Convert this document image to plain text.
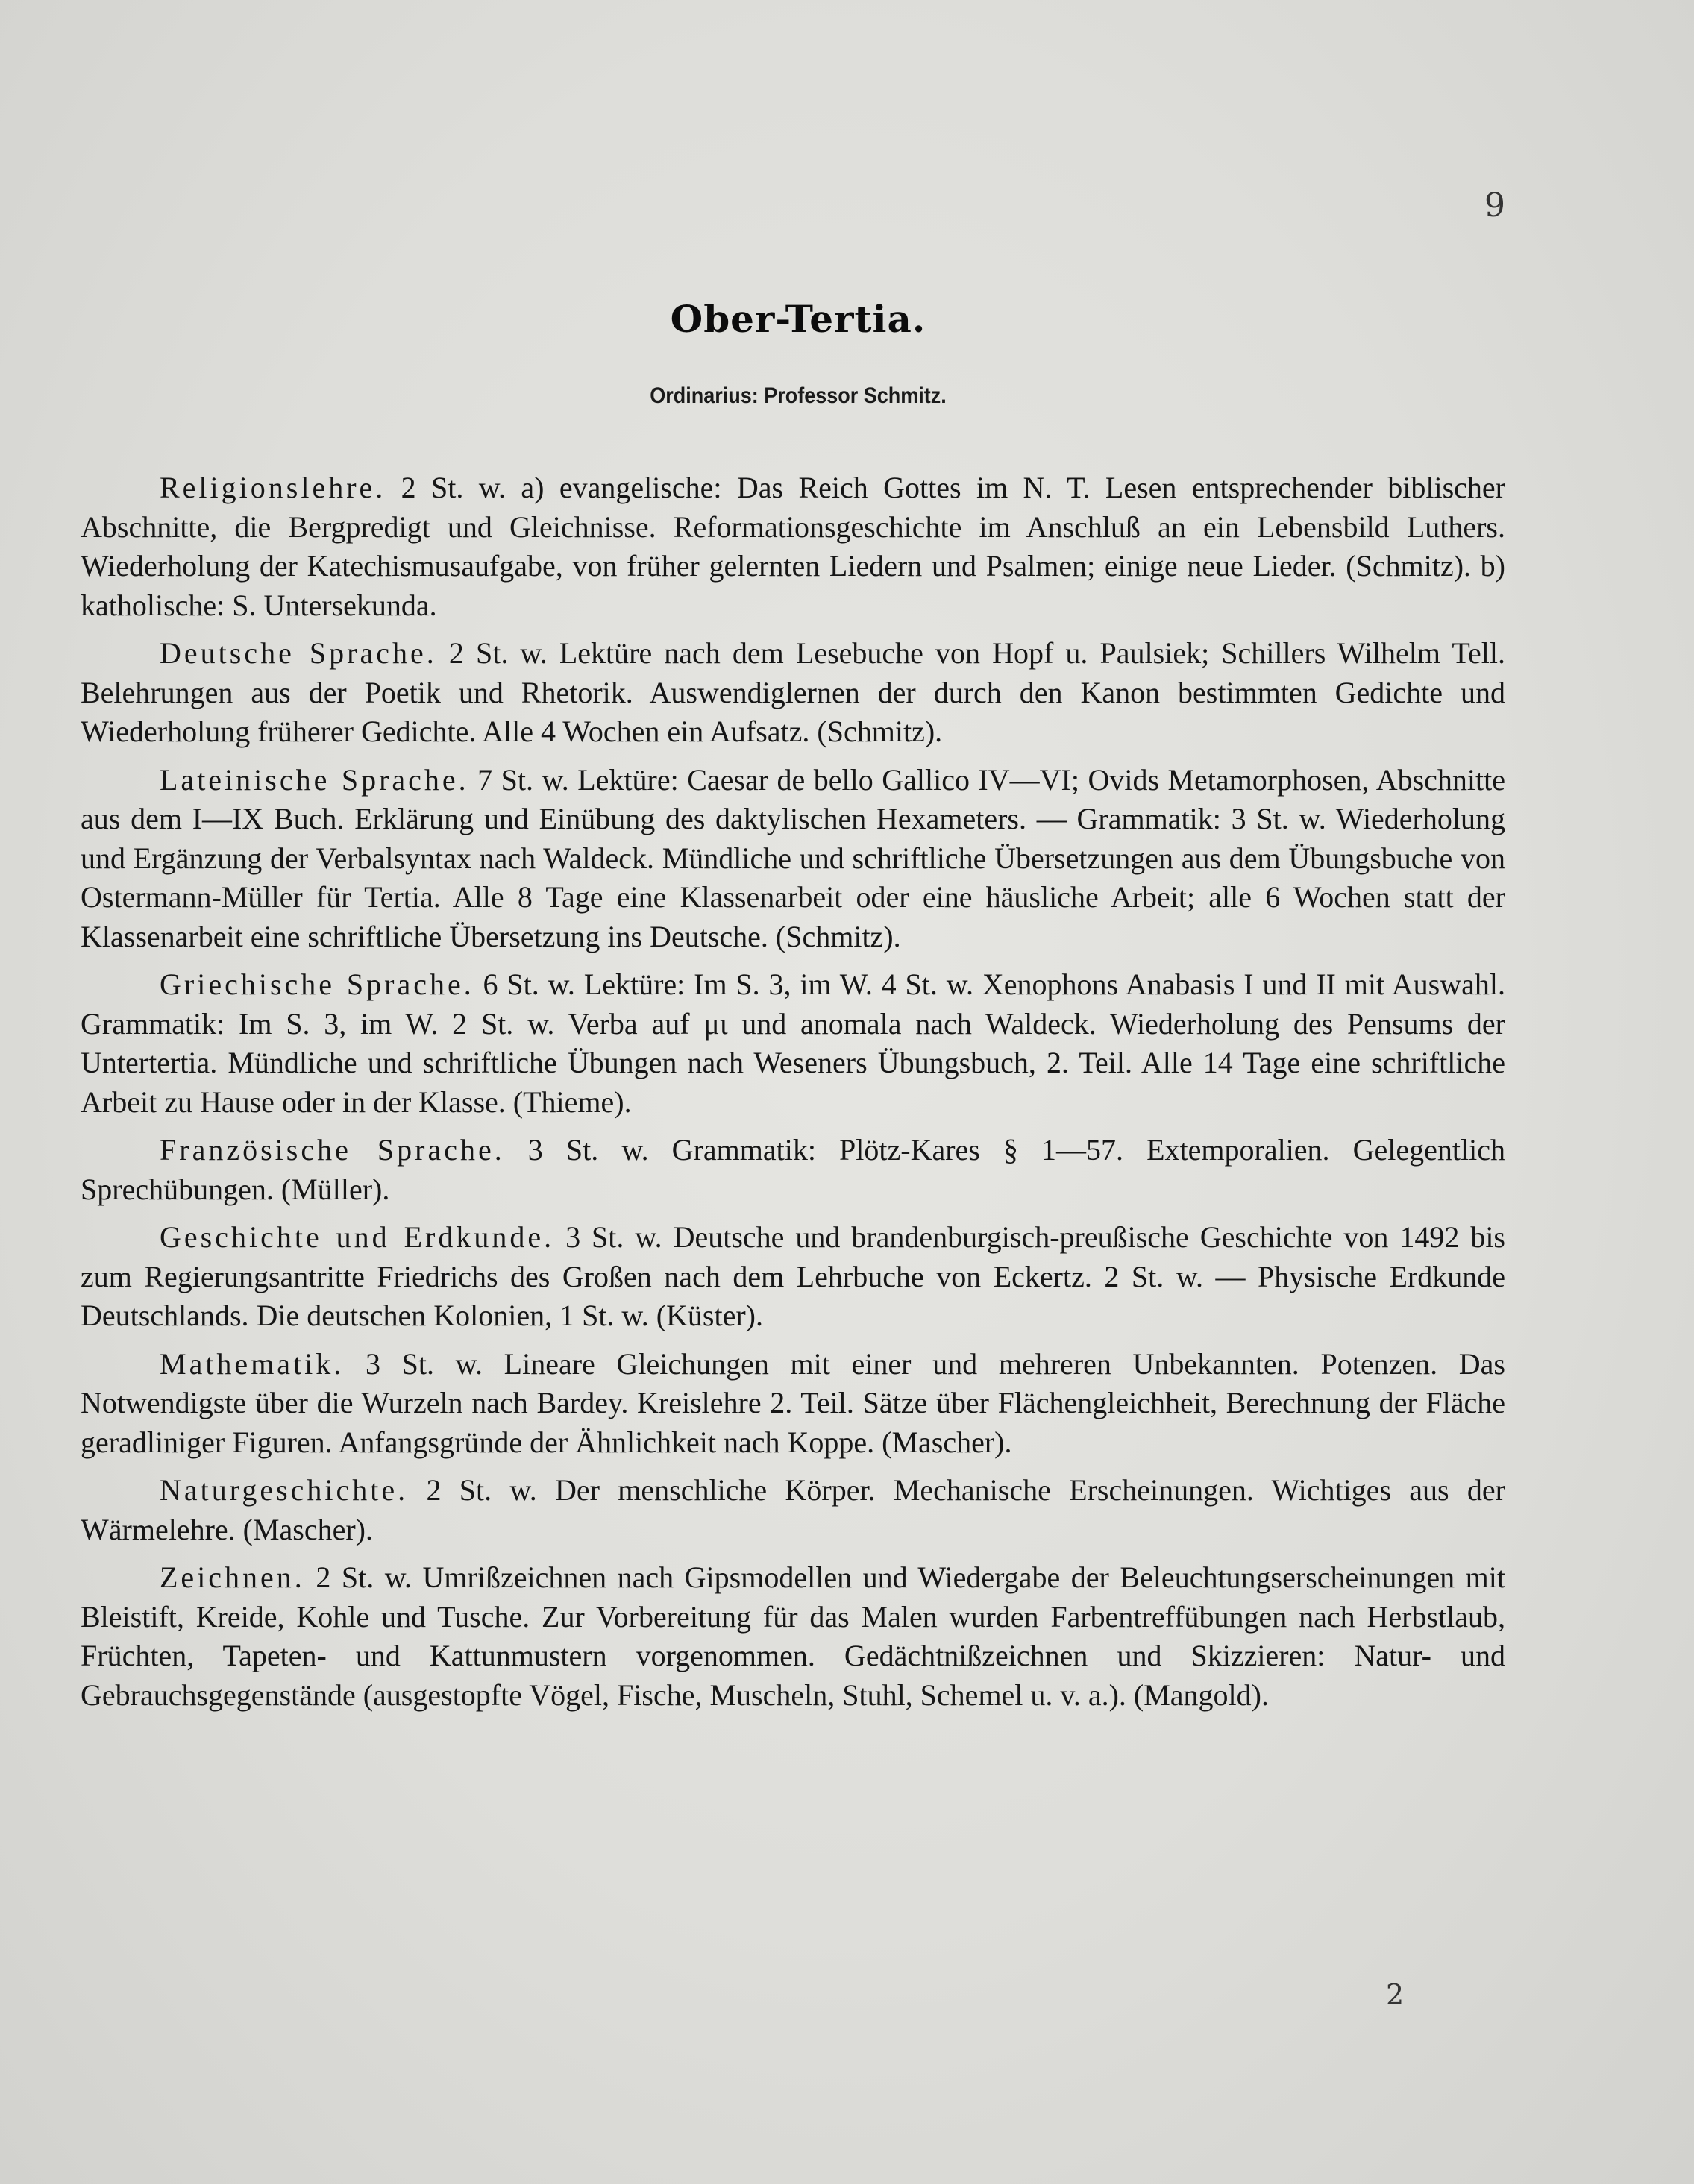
9
Ober-Tertia.
Ordinarius: Professor Schmitz.

Religionslehre. 2 St. w. a) evangelische: Das Reich Gottes im N. T. Lesen entsprechender biblischer Abschnitte, die Bergpredigt und Gleichnisse. Reformationsgeschichte im Anschluß an ein Lebensbild Luthers. Wiederholung der Katechismusaufgabe, von früher gelernten Liedern und Psalmen; einige neue Lieder. (Schmitz). b) katholische: S. Untersekunda.

Deutsche Sprache. 2 St. w. Lektüre nach dem Lesebuche von Hopf u. Paulsiek; Schillers Wilhelm Tell. Belehrungen aus der Poetik und Rhetorik. Auswendiglernen der durch den Kanon bestimmten Gedichte und Wiederholung früherer Gedichte. Alle 4 Wochen ein Aufsatz. (Schmitz).

Lateinische Sprache. 7 St. w. Lektüre: Caesar de bello Gallico IV—VI; Ovids Metamorphosen, Abschnitte aus dem I—IX Buch. Erklärung und Einübung des daktylischen Hexameters. — Grammatik: 3 St. w. Wiederholung und Ergänzung der Verbalsyntax nach Waldeck. Mündliche und schriftliche Übersetzungen aus dem Übungsbuche von Ostermann-Müller für Tertia. Alle 8 Tage eine Klassenarbeit oder eine häusliche Arbeit; alle 6 Wochen statt der Klassenarbeit eine schriftliche Übersetzung ins Deutsche. (Schmitz).

Griechische Sprache. 6 St. w. Lektüre: Im S. 3, im W. 4 St. w. Xenophons Anabasis I und II mit Auswahl. Grammatik: Im S. 3, im W. 2 St. w. Verba auf μι und anomala nach Waldeck. Wiederholung des Pensums der Untertertia. Mündliche und schriftliche Übungen nach Weseners Übungsbuch, 2. Teil. Alle 14 Tage eine schriftliche Arbeit zu Hause oder in der Klasse. (Thieme).

Französische Sprache. 3 St. w. Grammatik: Plötz-Kares § 1—57. Extemporalien. Gelegentlich Sprechübungen. (Müller).

Geschichte und Erdkunde. 3 St. w. Deutsche und brandenburgisch-preußische Geschichte von 1492 bis zum Regierungsantritte Friedrichs des Großen nach dem Lehrbuche von Eckertz. 2 St. w. — Physische Erdkunde Deutschlands. Die deutschen Kolonien, 1 St. w. (Küster).

Mathematik. 3 St. w. Lineare Gleichungen mit einer und mehreren Unbekannten. Potenzen. Das Notwendigste über die Wurzeln nach Bardey. Kreislehre 2. Teil. Sätze über Flächengleichheit, Berechnung der Fläche geradliniger Figuren. Anfangsgründe der Ähnlichkeit nach Koppe. (Mascher).

Naturgeschichte. 2 St. w. Der menschliche Körper. Mechanische Erscheinungen. Wichtiges aus der Wärmelehre. (Mascher).

Zeichnen. 2 St. w. Umrißzeichnen nach Gipsmodellen und Wiedergabe der Beleuchtungserscheinungen mit Bleistift, Kreide, Kohle und Tusche. Zur Vorbereitung für das Malen wurden Farbentreffübungen nach Herbstlaub, Früchten, Tapeten- und Kattunmustern vorgenommen. Gedächtnißzeichnen und Skizzieren: Natur- und Gebrauchsgegenstände (ausgestopfte Vögel, Fische, Muscheln, Stuhl, Schemel u. v. a.). (Mangold).

2
